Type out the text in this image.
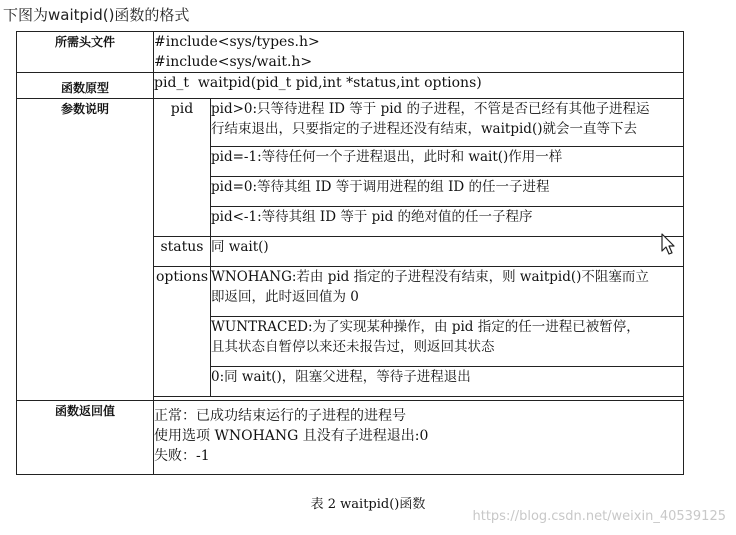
下图为waitpid()函数的格式
所需头文件	#include<sys/types.h>
#include<sys/wait.h>	

函数原型	pid_t  waitpid(pid_t pid,int *status,int options)	
参数说明	pid	pid>0:只等待进程 ID 等于 pid 的子进程，不管是否已经有其他子进程运
行结束退出，只要指定的子进程还没有结束，waitpid()就会一直等下去

		pid=-1:等待任何一个子进程退出，此时和 wait()作用一样

		pid=0:等待其组 ID 等于调用进程的组 ID 的任一子进程

		pid<-1:等待其组 ID 等于 pid 的绝对值的任一子程序

	status	同 wait()
	options	WNOHANG:若由 pid 指定的子进程没有结束，则 waitpid()不阻塞而立
即返回，此时返回值为 0

		WUNTRACED:为了实现某种操作，由 pid 指定的任一进程已被暂停，
且其状态自暂停以来还未报告过，则返回其状态

		0:同 wait()，阻塞父进程，等待子进程退出

函数返回值	正常：已成功结束运行的子进程的进程号
使用选项 WNOHANG 且没有子进程退出:0
失败：-1	
表 2 waitpid()函数
https://blog.csdn.net/weixin_40539125
